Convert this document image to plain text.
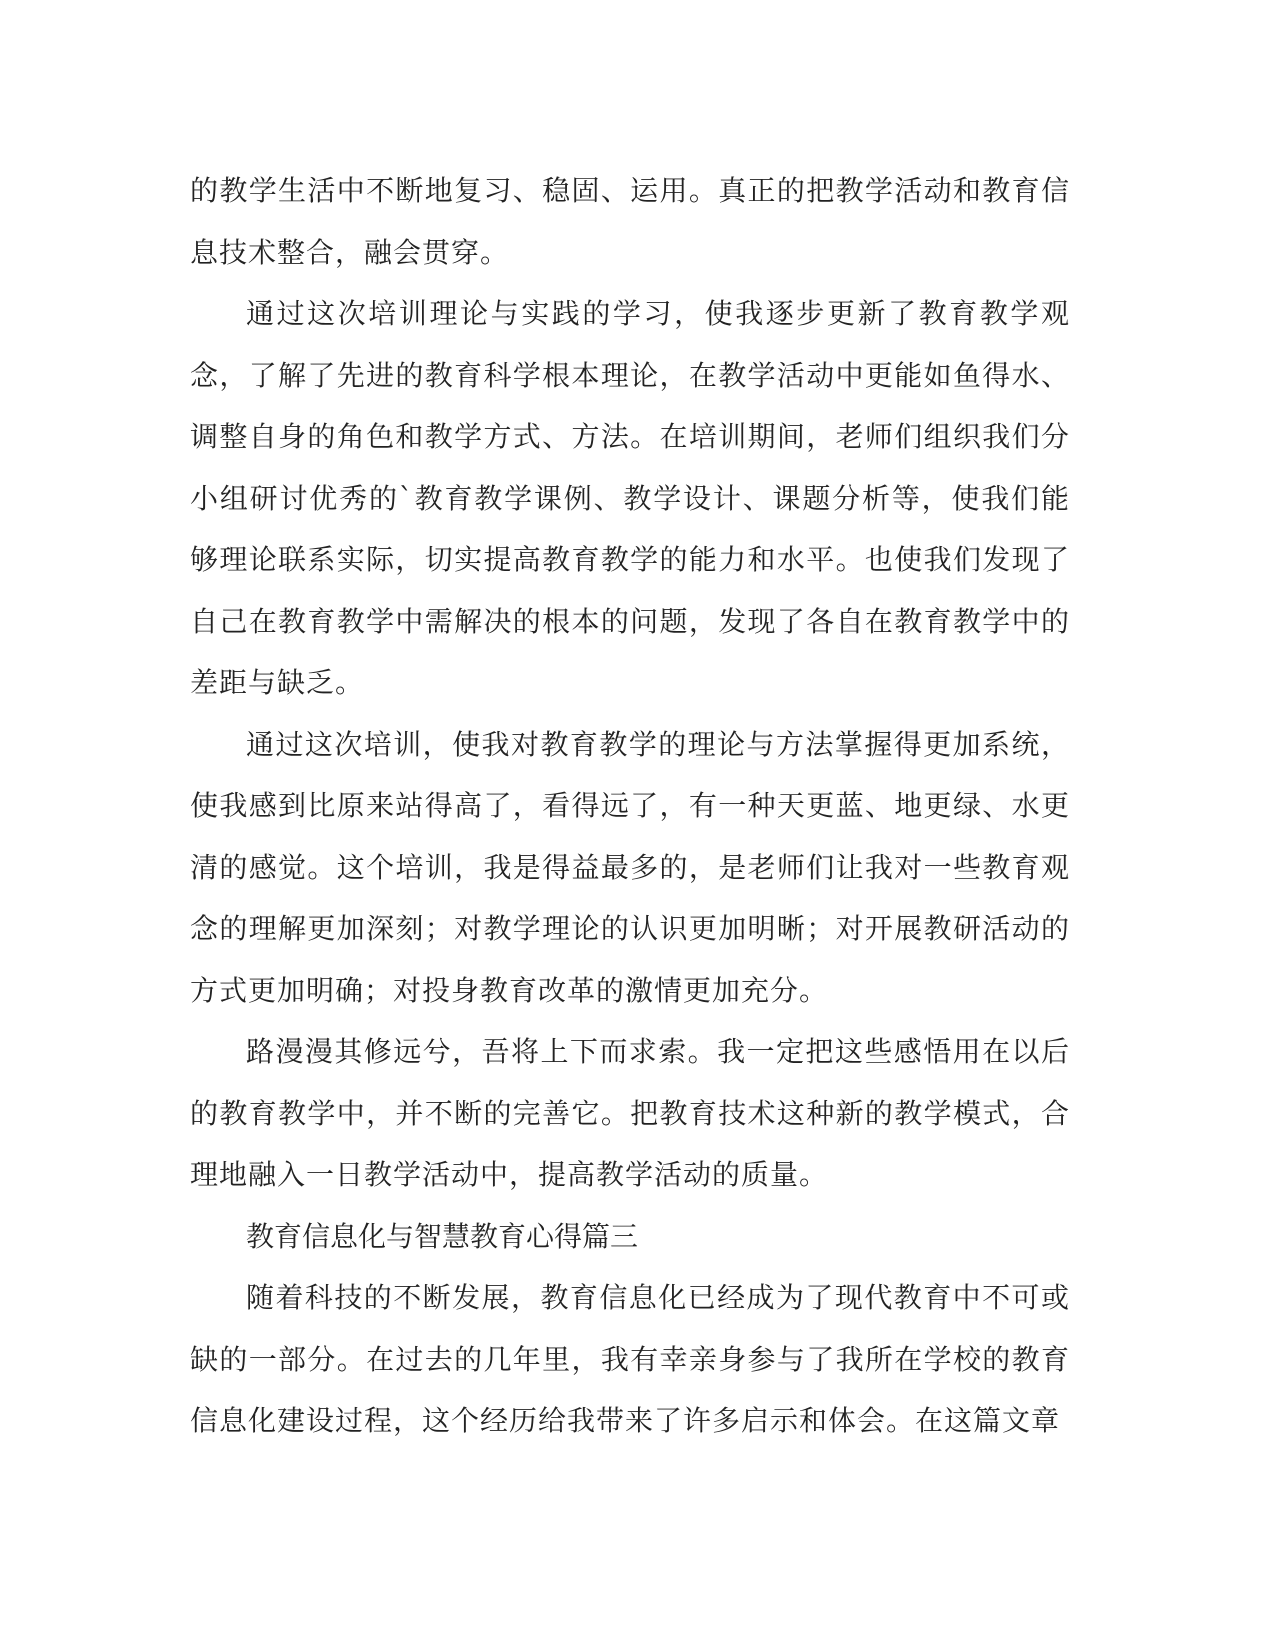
的教学生活中不断地复习、稳固、运用。真正的把教学活动和教育信息技术整合，融会贯穿。

通过这次培训理论与实践的学习，使我逐步更新了教育教学观念，了解了先进的教育科学根本理论，在教学活动中更能如鱼得水、调整自身的角色和教学方式、方法。在培训期间，老师们组织我们分小组研讨优秀的`教育教学课例、教学设计、课题分析等，使我们能够理论联系实际，切实提高教育教学的能力和水平。也使我们发现了自己在教育教学中需解决的根本的问题，发现了各自在教育教学中的差距与缺乏。

通过这次培训，使我对教育教学的理论与方法掌握得更加系统，使我感到比原来站得高了，看得远了，有一种天更蓝、地更绿、水更清的感觉。这个培训，我是得益最多的，是老师们让我对一些教育观念的理解更加深刻；对教学理论的认识更加明晰；对开展教研活动的方式更加明确；对投身教育改革的激情更加充分。

路漫漫其修远兮，吾将上下而求索。我一定把这些感悟用在以后的教育教学中，并不断的完善它。把教育技术这种新的教学模式，合理地融入一日教学活动中，提高教学活动的质量。

教育信息化与智慧教育心得篇三

随着科技的不断发展，教育信息化已经成为了现代教育中不可或缺的一部分。在过去的几年里，我有幸亲身参与了我所在学校的教育信息化建设过程，这个经历给我带来了许多启示和体会。在这篇文章
